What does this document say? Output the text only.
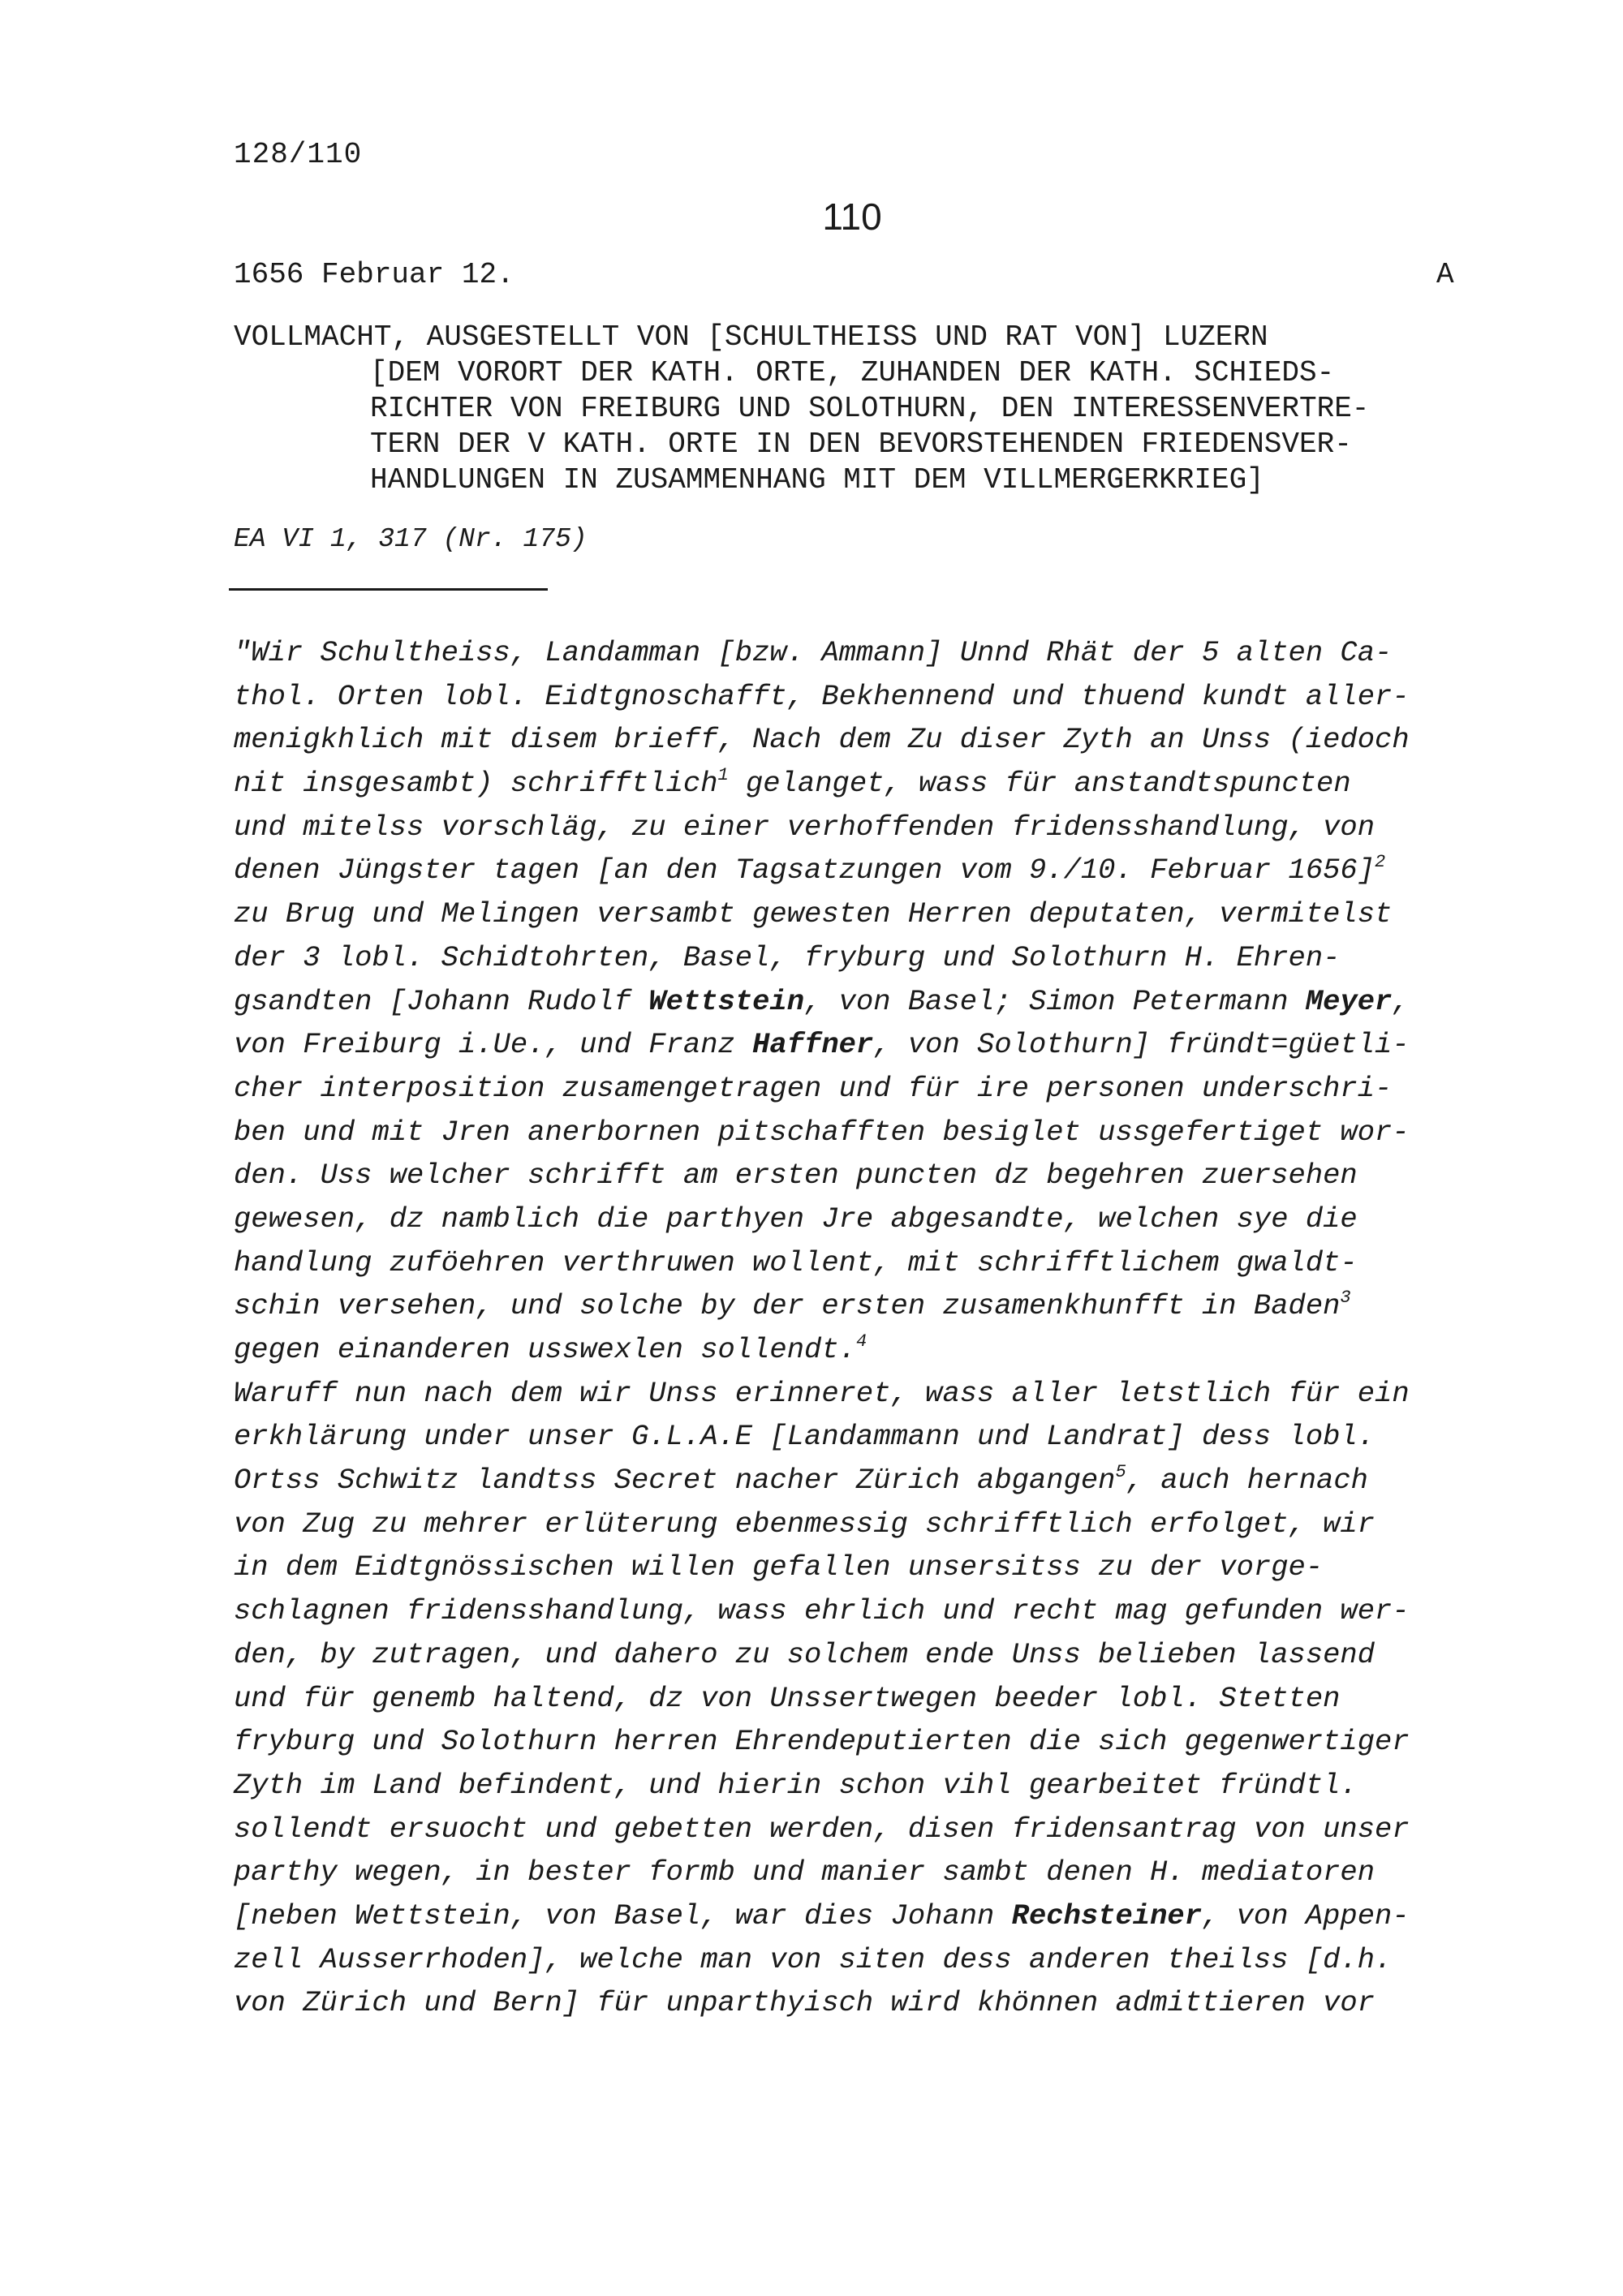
128/110
110
1656 Februar 12.	A
VOLLMACHT, AUSGESTELLT VON [SCHULTHEISS UND RAT VON] LUZERN
[DEM VORORT DER KATH. ORTE, ZUHANDEN DER KATH. SCHIEDS-
RICHTER VON FREIBURG UND SOLOTHURN, DEN INTERESSENVERTRE-
TERN DER V KATH. ORTE IN DEN BEVORSTEHENDEN FRIEDENSVER-
HANDLUNGEN IN ZUSAMMENHANG MIT DEM VILLMERGERKRIEG]
EA VI 1, 317 (Nr. 175)
"Wir Schultheiss, Landamman [bzw. Ammann] Unnd Rhät der 5 alten Ca-
thol. Orten lobl. Eidtgnoschafft, Bekhennend und thuend kundt aller-
menigkhlich mit disem brieff, Nach dem Zu diser Zyth an Unss (iedoch
nit insgesambt) schrifftlich$^1$ gelanget, wass für anstandtspuncten
und mitelss vorschläg, zu einer verhoffenden fridensshandlung, von
denen Jüngster tagen [an den Tagsatzungen vom 9./10. Februar 1656]$^2$
zu Brug und Melingen versambt gewesten Herren deputaten, vermitelst
der 3 lobl. Schidtohrten, Basel, fryburg und Solothurn H. Ehren-
gsandten [Johann Rudolf Wettstein, von Basel; Simon Petermann Meyer,
von Freiburg i.Ue., und Franz Haffner, von Solothurn] fründt=güetli-
cher interposition zusamengetragen und für ire personen underschri-
ben und mit Jren anerbornen pitschafften besiglet ussgefertiget wor-
den. Uss welcher schrifft am ersten puncten dz begehren zuersehen
gewesen, dz namblich die parthyen Jre abgesandte, welchen sye die
handlung zuföehren verthruwen wollent, mit schrifftlichem gwaldt-
schin versehen, und solche by der ersten zusamenkhunfft in Baden$^3$
gegen einanderen usswexlen sollendt.$^4$
Waruff nun nach dem wir Unss erinneret, wass aller letstlich für ein
erkhlärung under unser G.L.A.E [Landammann und Landrat] dess lobl.
Ortss Schwitz landtss Secret nacher Zürich abgangen$^5$, auch hernach
von Zug zu mehrer erlüterung ebenmessig schrifftlich erfolget, wir
in dem Eidtgnössischen willen gefallen unsersitss zu der vorge-
schlagnen fridensshandlung, wass ehrlich und recht mag gefunden wer-
den, by zutragen, und dahero zu solchem ende Unss belieben lassend
und für genemb haltend, dz von Unssertwegen beeder lobl. Stetten
fryburg und Solothurn herren Ehrendeputierten die sich gegenwertiger
Zyth im Land befindent, und hierin schon vihl gearbeitet fründtl.
sollendt ersuocht und gebetten werden, disen fridensantrag von unser
parthy wegen, in bester formb und manier sambt denen H. mediatoren
[neben Wettstein, von Basel, war dies Johann Rechsteiner, von Appen-
zell Ausserrhoden], welche man von siten dess anderen theilss [d.h.
von Zürich und Bern] für unparthyisch wird khönnen admittieren vor
